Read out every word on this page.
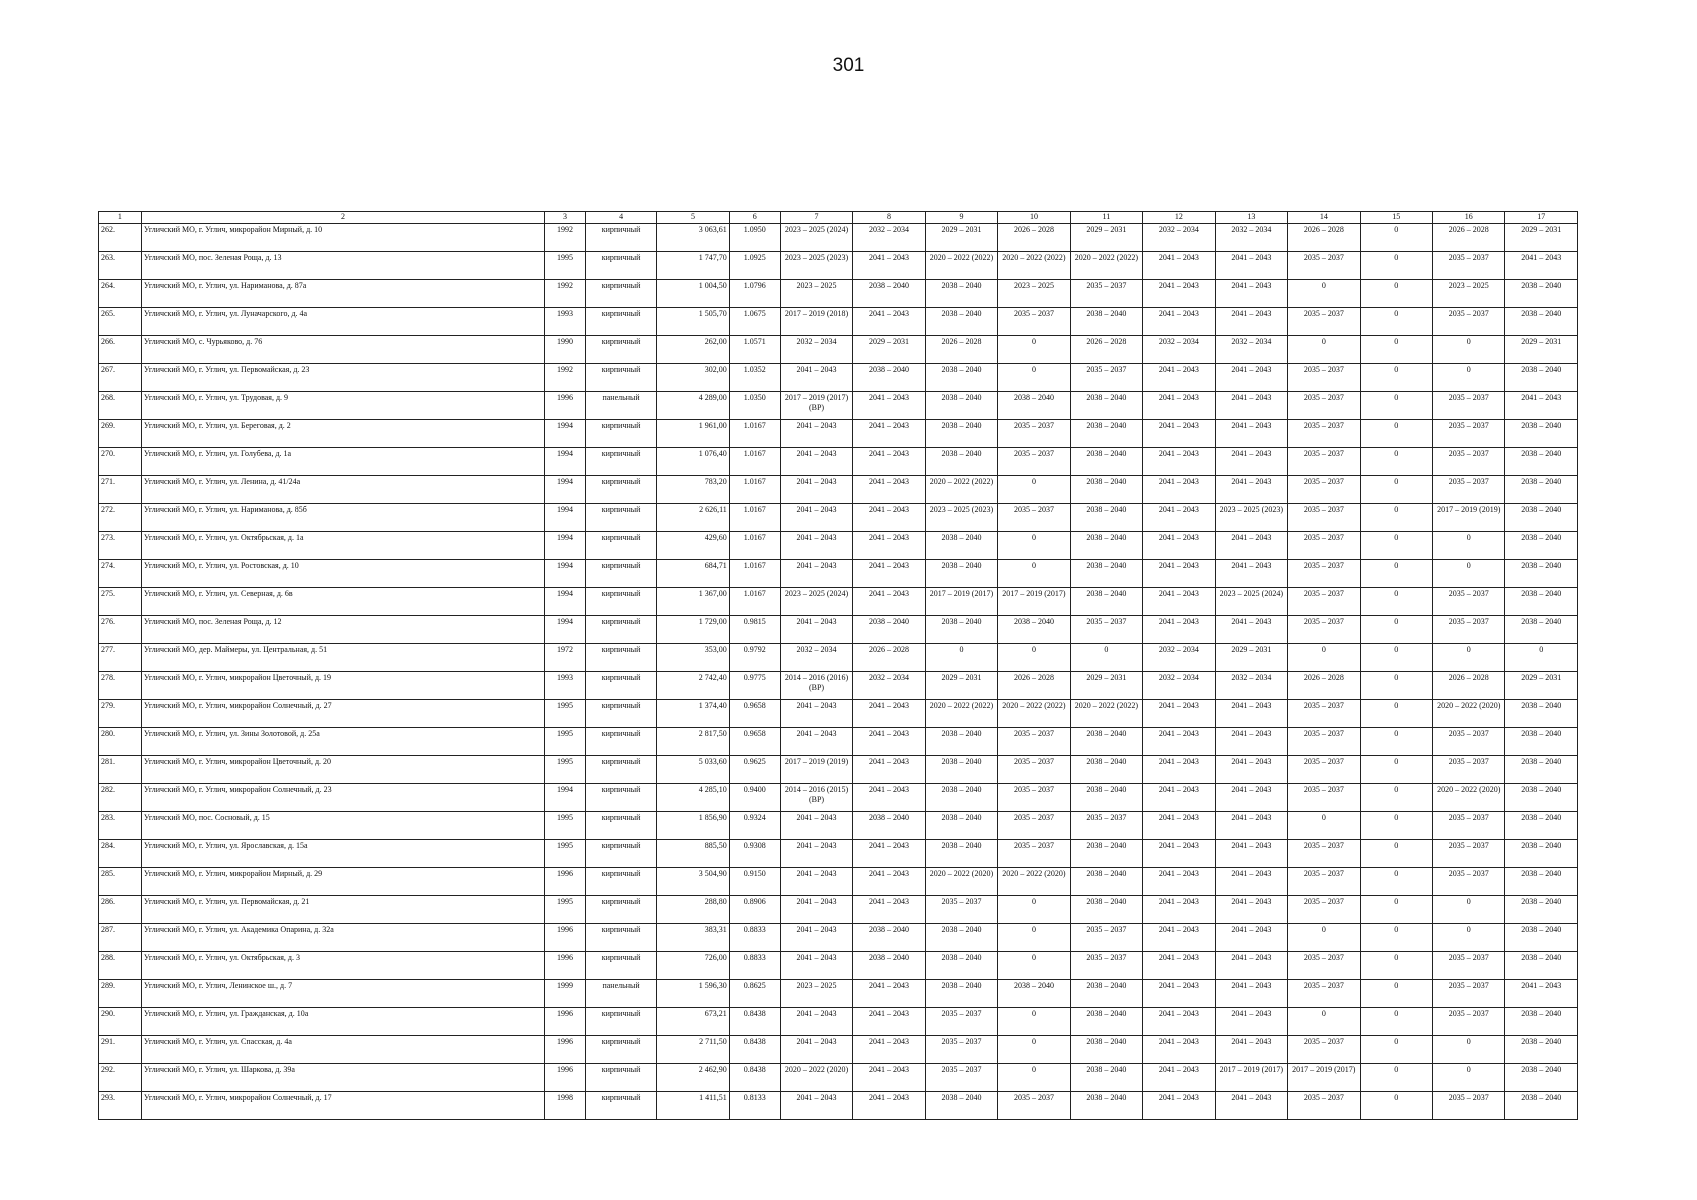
301
1	2	3	4	5	6	7	8	9	10	11	12	13	14	15	16	17
262.	Угличский МО, г. Углич, микрорайон Мирный, д. 10	1992	кирпичный	3 063,61	1.0950	2023 – 2025 (2024)	2032 – 2034	2029 – 2031	2026 – 2028	2029 – 2031	2032 – 2034	2032 – 2034	2026 – 2028	0	2026 – 2028	2029 – 2031
263.	Угличский МО, пос. Зеленая Роща, д. 13	1995	кирпичный	1 747,70	1.0925	2023 – 2025 (2023)	2041 – 2043	2020 – 2022 (2022)	2020 – 2022 (2022)	2020 – 2022 (2022)	2041 – 2043	2041 – 2043	2035 – 2037	0	2035 – 2037	2041 – 2043
264.	Угличский МО, г. Углич, ул. Нариманова, д. 87а	1992	кирпичный	1 004,50	1.0796	2023 – 2025	2038 – 2040	2038 – 2040	2023 – 2025	2035 – 2037	2041 – 2043	2041 – 2043	0	0	2023 – 2025	2038 – 2040
265.	Угличский МО, г. Углич, ул. Луначарского, д. 4а	1993	кирпичный	1 505,70	1.0675	2017 – 2019 (2018)	2041 – 2043	2038 – 2040	2035 – 2037	2038 – 2040	2041 – 2043	2041 – 2043	2035 – 2037	0	2035 – 2037	2038 – 2040
266.	Угличский МО, с. Чурьяково, д. 76	1990	кирпичный	262,00	1.0571	2032 – 2034	2029 – 2031	2026 – 2028	0	2026 – 2028	2032 – 2034	2032 – 2034	0	0	0	2029 – 2031
267.	Угличский МО, г. Углич, ул. Первомайская, д. 23	1992	кирпичный	302,00	1.0352	2041 – 2043	2038 – 2040	2038 – 2040	0	2035 – 2037	2041 – 2043	2041 – 2043	2035 – 2037	0	0	2038 – 2040
268.	Угличский МО, г. Углич, ул. Трудовая, д. 9	1996	панельный	4 289,00	1.0350	2017 – 2019 (2017) (ВР)	2041 – 2043	2038 – 2040	2038 – 2040	2038 – 2040	2041 – 2043	2041 – 2043	2035 – 2037	0	2035 – 2037	2041 – 2043
269.	Угличский МО, г. Углич, ул. Береговая, д. 2	1994	кирпичный	1 961,00	1.0167	2041 – 2043	2041 – 2043	2038 – 2040	2035 – 2037	2038 – 2040	2041 – 2043	2041 – 2043	2035 – 2037	0	2035 – 2037	2038 – 2040
270.	Угличский МО, г. Углич, ул. Голубева, д. 1а	1994	кирпичный	1 076,40	1.0167	2041 – 2043	2041 – 2043	2038 – 2040	2035 – 2037	2038 – 2040	2041 – 2043	2041 – 2043	2035 – 2037	0	2035 – 2037	2038 – 2040
271.	Угличский МО, г. Углич, ул. Ленина, д. 41/24а	1994	кирпичный	783,20	1.0167	2041 – 2043	2041 – 2043	2020 – 2022 (2022)	0	2038 – 2040	2041 – 2043	2041 – 2043	2035 – 2037	0	2035 – 2037	2038 – 2040
272.	Угличский МО, г. Углич, ул. Нариманова, д. 85б	1994	кирпичный	2 626,11	1.0167	2041 – 2043	2041 – 2043	2023 – 2025 (2023)	2035 – 2037	2038 – 2040	2041 – 2043	2023 – 2025 (2023)	2035 – 2037	0	2017 – 2019 (2019)	2038 – 2040
273.	Угличский МО, г. Углич, ул. Октябрьская, д. 1а	1994	кирпичный	429,60	1.0167	2041 – 2043	2041 – 2043	2038 – 2040	0	2038 – 2040	2041 – 2043	2041 – 2043	2035 – 2037	0	0	2038 – 2040
274.	Угличский МО, г. Углич, ул. Ростовская, д. 10	1994	кирпичный	684,71	1.0167	2041 – 2043	2041 – 2043	2038 – 2040	0	2038 – 2040	2041 – 2043	2041 – 2043	2035 – 2037	0	0	2038 – 2040
275.	Угличский МО, г. Углич, ул. Северная, д. 6в	1994	кирпичный	1 367,00	1.0167	2023 – 2025 (2024)	2041 – 2043	2017 – 2019 (2017)	2017 – 2019 (2017)	2038 – 2040	2041 – 2043	2023 – 2025 (2024)	2035 – 2037	0	2035 – 2037	2038 – 2040
276.	Угличский МО, пос. Зеленая Роща, д. 12	1994	кирпичный	1 729,00	0.9815	2041 – 2043	2038 – 2040	2038 – 2040	2038 – 2040	2035 – 2037	2041 – 2043	2041 – 2043	2035 – 2037	0	2035 – 2037	2038 – 2040
277.	Угличский МО, дер. Маймеры, ул. Центральная, д. 51	1972	кирпичный	353,00	0.9792	2032 – 2034	2026 – 2028	0	0	0	2032 – 2034	2029 – 2031	0	0	0	0
278.	Угличский МО, г. Углич, микрорайон Цветочный, д. 19	1993	кирпичный	2 742,40	0.9775	2014 – 2016 (2016) (ВР)	2032 – 2034	2029 – 2031	2026 – 2028	2029 – 2031	2032 – 2034	2032 – 2034	2026 – 2028	0	2026 – 2028	2029 – 2031
279.	Угличский МО, г. Углич, микрорайон Солнечный, д. 27	1995	кирпичный	1 374,40	0.9658	2041 – 2043	2041 – 2043	2020 – 2022 (2022)	2020 – 2022 (2022)	2020 – 2022 (2022)	2041 – 2043	2041 – 2043	2035 – 2037	0	2020 – 2022 (2020)	2038 – 2040
280.	Угличский МО, г. Углич, ул. Зины Золотовой, д. 25а	1995	кирпичный	2 817,50	0.9658	2041 – 2043	2041 – 2043	2038 – 2040	2035 – 2037	2038 – 2040	2041 – 2043	2041 – 2043	2035 – 2037	0	2035 – 2037	2038 – 2040
281.	Угличский МО, г. Углич, микрорайон Цветочный, д. 20	1995	кирпичный	5 033,60	0.9625	2017 – 2019 (2019)	2041 – 2043	2038 – 2040	2035 – 2037	2038 – 2040	2041 – 2043	2041 – 2043	2035 – 2037	0	2035 – 2037	2038 – 2040
282.	Угличский МО, г. Углич, микрорайон Солнечный, д. 23	1994	кирпичный	4 285,10	0.9400	2014 – 2016 (2015) (ВР)	2041 – 2043	2038 – 2040	2035 – 2037	2038 – 2040	2041 – 2043	2041 – 2043	2035 – 2037	0	2020 – 2022 (2020)	2038 – 2040
283.	Угличский МО, пос. Сосновый, д. 15	1995	кирпичный	1 856,90	0.9324	2041 – 2043	2038 – 2040	2038 – 2040	2035 – 2037	2035 – 2037	2041 – 2043	2041 – 2043	0	0	2035 – 2037	2038 – 2040
284.	Угличский МО, г. Углич, ул. Ярославская, д. 15а	1995	кирпичный	885,50	0.9308	2041 – 2043	2041 – 2043	2038 – 2040	2035 – 2037	2038 – 2040	2041 – 2043	2041 – 2043	2035 – 2037	0	2035 – 2037	2038 – 2040
285.	Угличский МО, г. Углич, микрорайон Мирный, д. 29	1996	кирпичный	3 504,90	0.9150	2041 – 2043	2041 – 2043	2020 – 2022 (2020)	2020 – 2022 (2020)	2038 – 2040	2041 – 2043	2041 – 2043	2035 – 2037	0	2035 – 2037	2038 – 2040
286.	Угличский МО, г. Углич, ул. Первомайская, д. 21	1995	кирпичный	288,80	0.8906	2041 – 2043	2041 – 2043	2035 – 2037	0	2038 – 2040	2041 – 2043	2041 – 2043	2035 – 2037	0	0	2038 – 2040
287.	Угличский МО, г. Углич, ул. Академика Опарина, д. 32а	1996	кирпичный	383,31	0.8833	2041 – 2043	2038 – 2040	2038 – 2040	0	2035 – 2037	2041 – 2043	2041 – 2043	0	0	0	2038 – 2040
288.	Угличский МО, г. Углич, ул. Октябрьская, д. 3	1996	кирпичный	726,00	0.8833	2041 – 2043	2038 – 2040	2038 – 2040	0	2035 – 2037	2041 – 2043	2041 – 2043	2035 – 2037	0	2035 – 2037	2038 – 2040
289.	Угличский МО, г. Углич, Ленинское ш., д. 7	1999	панельный	1 596,30	0.8625	2023 – 2025	2041 – 2043	2038 – 2040	2038 – 2040	2038 – 2040	2041 – 2043	2041 – 2043	2035 – 2037	0	2035 – 2037	2041 – 2043
290.	Угличский МО, г. Углич, ул. Гражданская, д. 10а	1996	кирпичный	673,21	0.8438	2041 – 2043	2041 – 2043	2035 – 2037	0	2038 – 2040	2041 – 2043	2041 – 2043	0	0	2035 – 2037	2038 – 2040
291.	Угличский МО, г. Углич, ул. Спасская, д. 4а	1996	кирпичный	2 711,50	0.8438	2041 – 2043	2041 – 2043	2035 – 2037	0	2038 – 2040	2041 – 2043	2041 – 2043	2035 – 2037	0	0	2038 – 2040
292.	Угличский МО, г. Углич, ул. Шаркова, д. 39а	1996	кирпичный	2 462,90	0.8438	2020 – 2022 (2020)	2041 – 2043	2035 – 2037	0	2038 – 2040	2041 – 2043	2017 – 2019 (2017)	2017 – 2019 (2017)	0	0	2038 – 2040
293.	Угличский МО, г. Углич, микрорайон Солнечный, д. 17	1998	кирпичный	1 411,51	0.8133	2041 – 2043	2041 – 2043	2038 – 2040	2035 – 2037	2038 – 2040	2041 – 2043	2041 – 2043	2035 – 2037	0	2035 – 2037	2038 – 2040
